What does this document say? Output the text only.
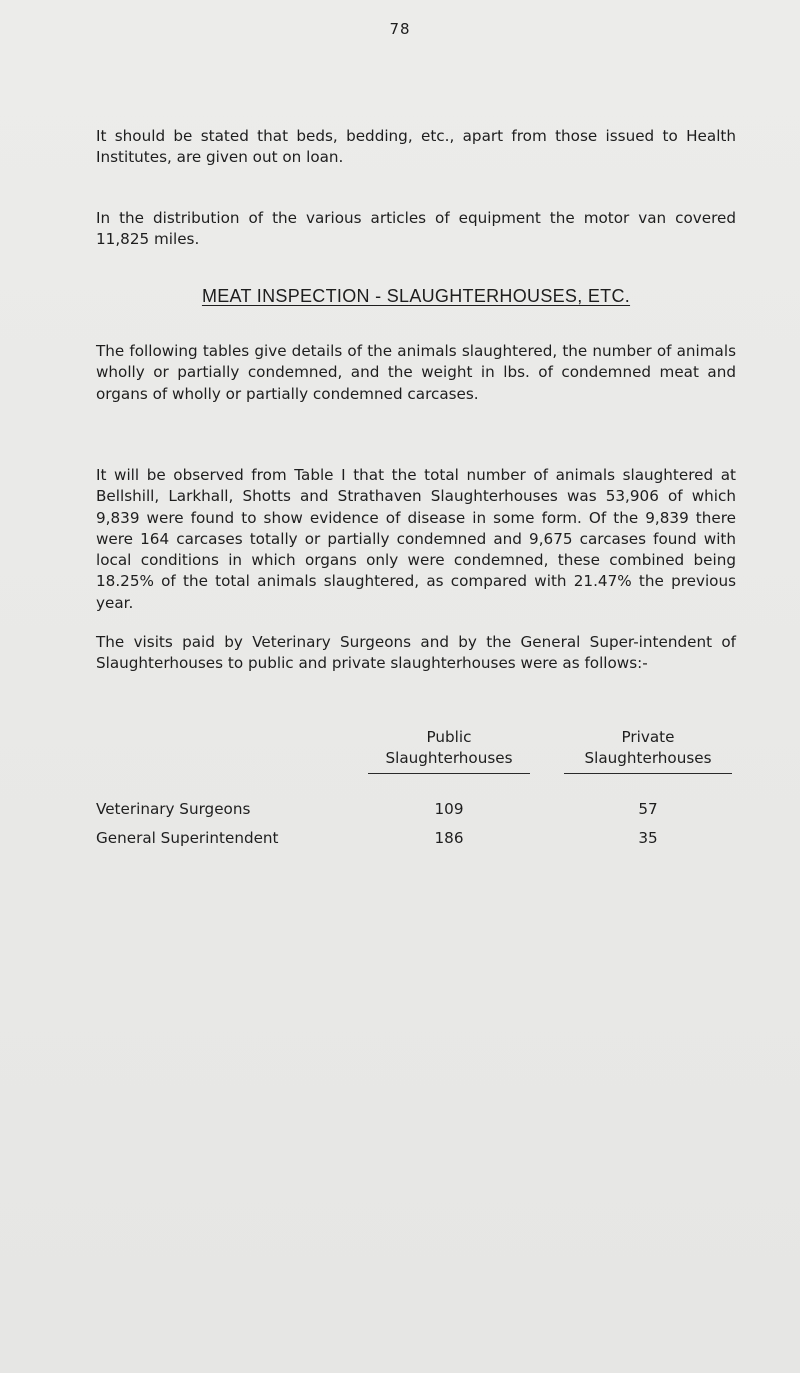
78

It should be stated that beds, bedding, etc., apart from those issued to Health Institutes, are given out on loan.

In the distribution of the various articles of equipment the motor van covered 11,825 miles.

MEAT INSPECTION - SLAUGHTERHOUSES, ETC.

The following tables give details of the animals slaughtered, the number of animals wholly or partially condemned, and the weight in lbs. of condemned meat and organs of wholly or partially condemned carcases.

It will be observed from Table I that the total number of animals slaughtered at Bellshill, Larkhall, Shotts and Strathaven Slaughterhouses was 53,906 of which 9,839 were found to show evidence of disease in some form. Of the 9,839 there were 164 carcases totally or partially condemned and 9,675 carcases found with local conditions in which organs only were condemned, these combined being 18.25% of the total animals slaughtered, as compared with 21.47% the previous year.

The visits paid by Veterinary Surgeons and by the General Super-intendent of Slaughterhouses to public and private slaughterhouses were as follows:-

Public
Slaughterhouses
Private
Slaughterhouses
Veterinary Surgeons	109	57
General Superintendent	186	35
